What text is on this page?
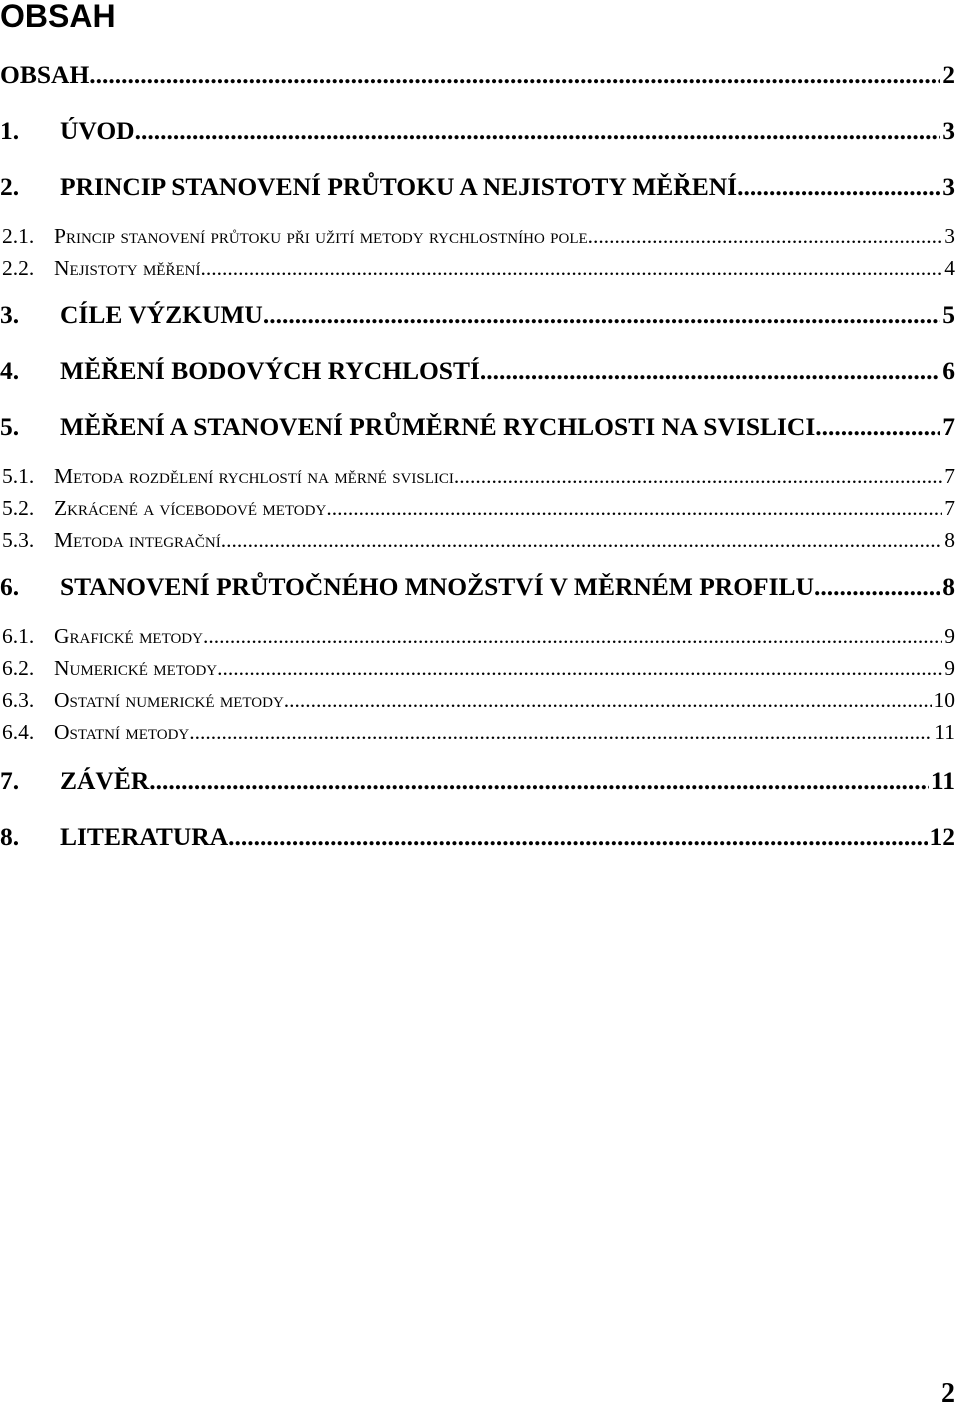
OBSAH
OBSAH .....	2
1.	ÚVOD .....	3
2.	PRINCIP STANOVENÍ PRŮTOKU A NEJISTOTY MĚŘENÍ .....	3
2.1. Princip stanovení průtoku při užití metody rychlostního pole .....	3
2.2. Nejistoty měření .....	4
3.	CÍLE VÝZKUMU .....	5
4.	MĚŘENÍ BODOVÝCH RYCHLOSTÍ .....	6
5.	MĚŘENÍ A STANOVENÍ PRŮMĚRNÉ RYCHLOSTI NA SVISLICI .....	7
5.1. Metoda rozdělení rychlostí na měrné svislici .....	7
5.2. Zkrácené a vícebodové metody .....	7
5.3. Metoda integrační .....	8
6.	STANOVENÍ PRŮTOČNÉHO MNOŽSTVÍ V MĚRNÉM PROFILU .....	8
6.1. Grafické metody .....	9
6.2. Numerické metody .....	9
6.3. Ostatní numerické metody .....	10
6.4. Ostatní metody .....	11
7.	ZÁVĚR .....	11
8.	LITERATURA .....	12
2
